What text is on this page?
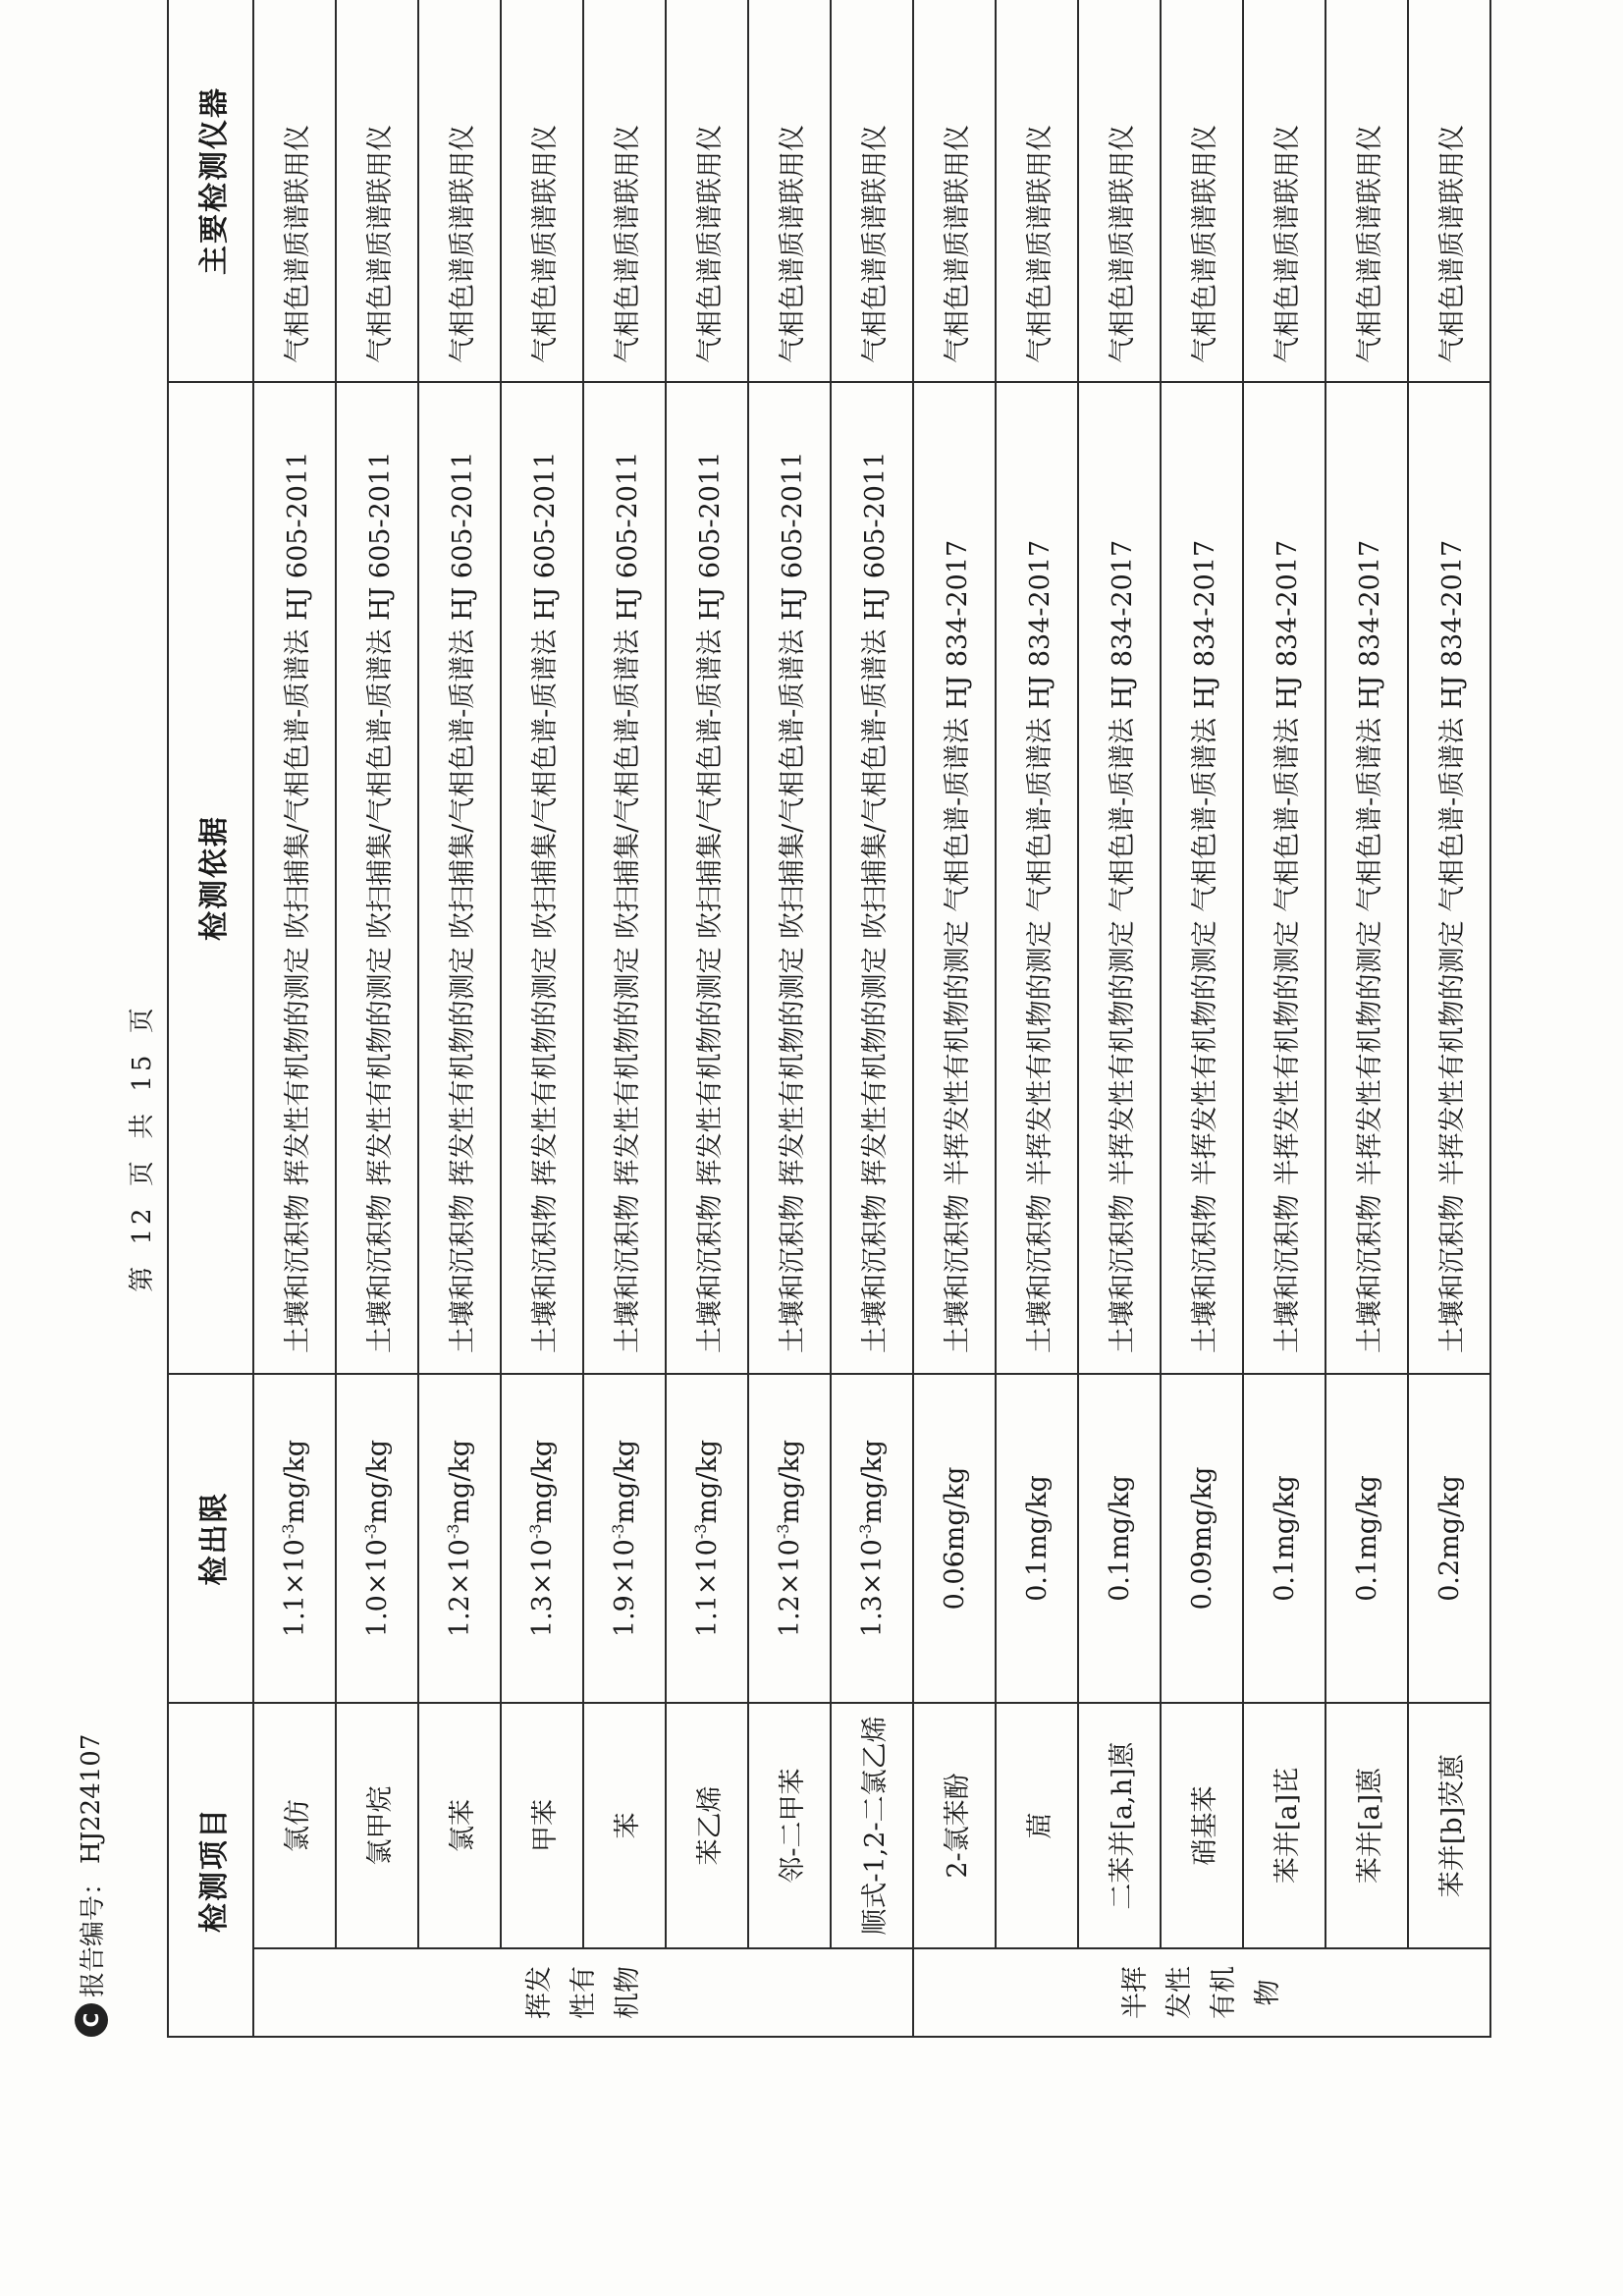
C
报告编号：
HJ224107
第 12 页 共 15 页
检测项目		检出限	检测依据	主要检测仪器
挥发性有机物	氯仿	$1.1\times 10^{-3}mg/kg$	土壤和沉积物 挥发性有机物的测定 吹扫捕集/气相色谱-质谱法 HJ 605-2011	气相色谱质谱联用仪
	氯甲烷	$1.0\times 10^{-3}mg/kg$	土壤和沉积物 挥发性有机物的测定 吹扫捕集/气相色谱-质谱法 HJ 605-2011	气相色谱质谱联用仪
	氯苯	$1.2\times 10^{-3}mg/kg$	土壤和沉积物 挥发性有机物的测定 吹扫捕集/气相色谱-质谱法 HJ 605-2011	气相色谱质谱联用仪
	甲苯	$1.3\times 10^{-3}mg/kg$	土壤和沉积物 挥发性有机物的测定 吹扫捕集/气相色谱-质谱法 HJ 605-2011	气相色谱质谱联用仪
	苯	$1.9\times 10^{-3}mg/kg$	土壤和沉积物 挥发性有机物的测定 吹扫捕集/气相色谱-质谱法 HJ 605-2011	气相色谱质谱联用仪
	苯乙烯	$1.1\times 10^{-3}mg/kg$	土壤和沉积物 挥发性有机物的测定 吹扫捕集/气相色谱-质谱法 HJ 605-2011	气相色谱质谱联用仪
	邻-二甲苯	$1.2\times 10^{-3}mg/kg$	土壤和沉积物 挥发性有机物的测定 吹扫捕集/气相色谱-质谱法 HJ 605-2011	气相色谱质谱联用仪
	顺式-1,2-二氯乙烯	$1.3\times 10^{-3}mg/kg$	土壤和沉积物 挥发性有机物的测定 吹扫捕集/气相色谱-质谱法 HJ 605-2011	气相色谱质谱联用仪
半挥发性有机物	2-氯苯酚	0.06mg/kg	土壤和沉积物 半挥发性有机物的测定 气相色谱-质谱法 HJ 834-2017	气相色谱质谱联用仪
	䓛	0.1mg/kg	土壤和沉积物 半挥发性有机物的测定 气相色谱-质谱法 HJ 834-2017	气相色谱质谱联用仪
	二苯并[a,h]蒽	0.1mg/kg	土壤和沉积物 半挥发性有机物的测定 气相色谱-质谱法 HJ 834-2017	气相色谱质谱联用仪
	硝基苯	0.09mg/kg	土壤和沉积物 半挥发性有机物的测定 气相色谱-质谱法 HJ 834-2017	气相色谱质谱联用仪
	苯并[a]芘	0.1mg/kg	土壤和沉积物 半挥发性有机物的测定 气相色谱-质谱法 HJ 834-2017	气相色谱质谱联用仪
	苯并[a]蒽	0.1mg/kg	土壤和沉积物 半挥发性有机物的测定 气相色谱-质谱法 HJ 834-2017	气相色谱质谱联用仪
	苯并[b]荧蒽	0.2mg/kg	土壤和沉积物 半挥发性有机物的测定 气相色谱-质谱法 HJ 834-2017	气相色谱质谱联用仪
